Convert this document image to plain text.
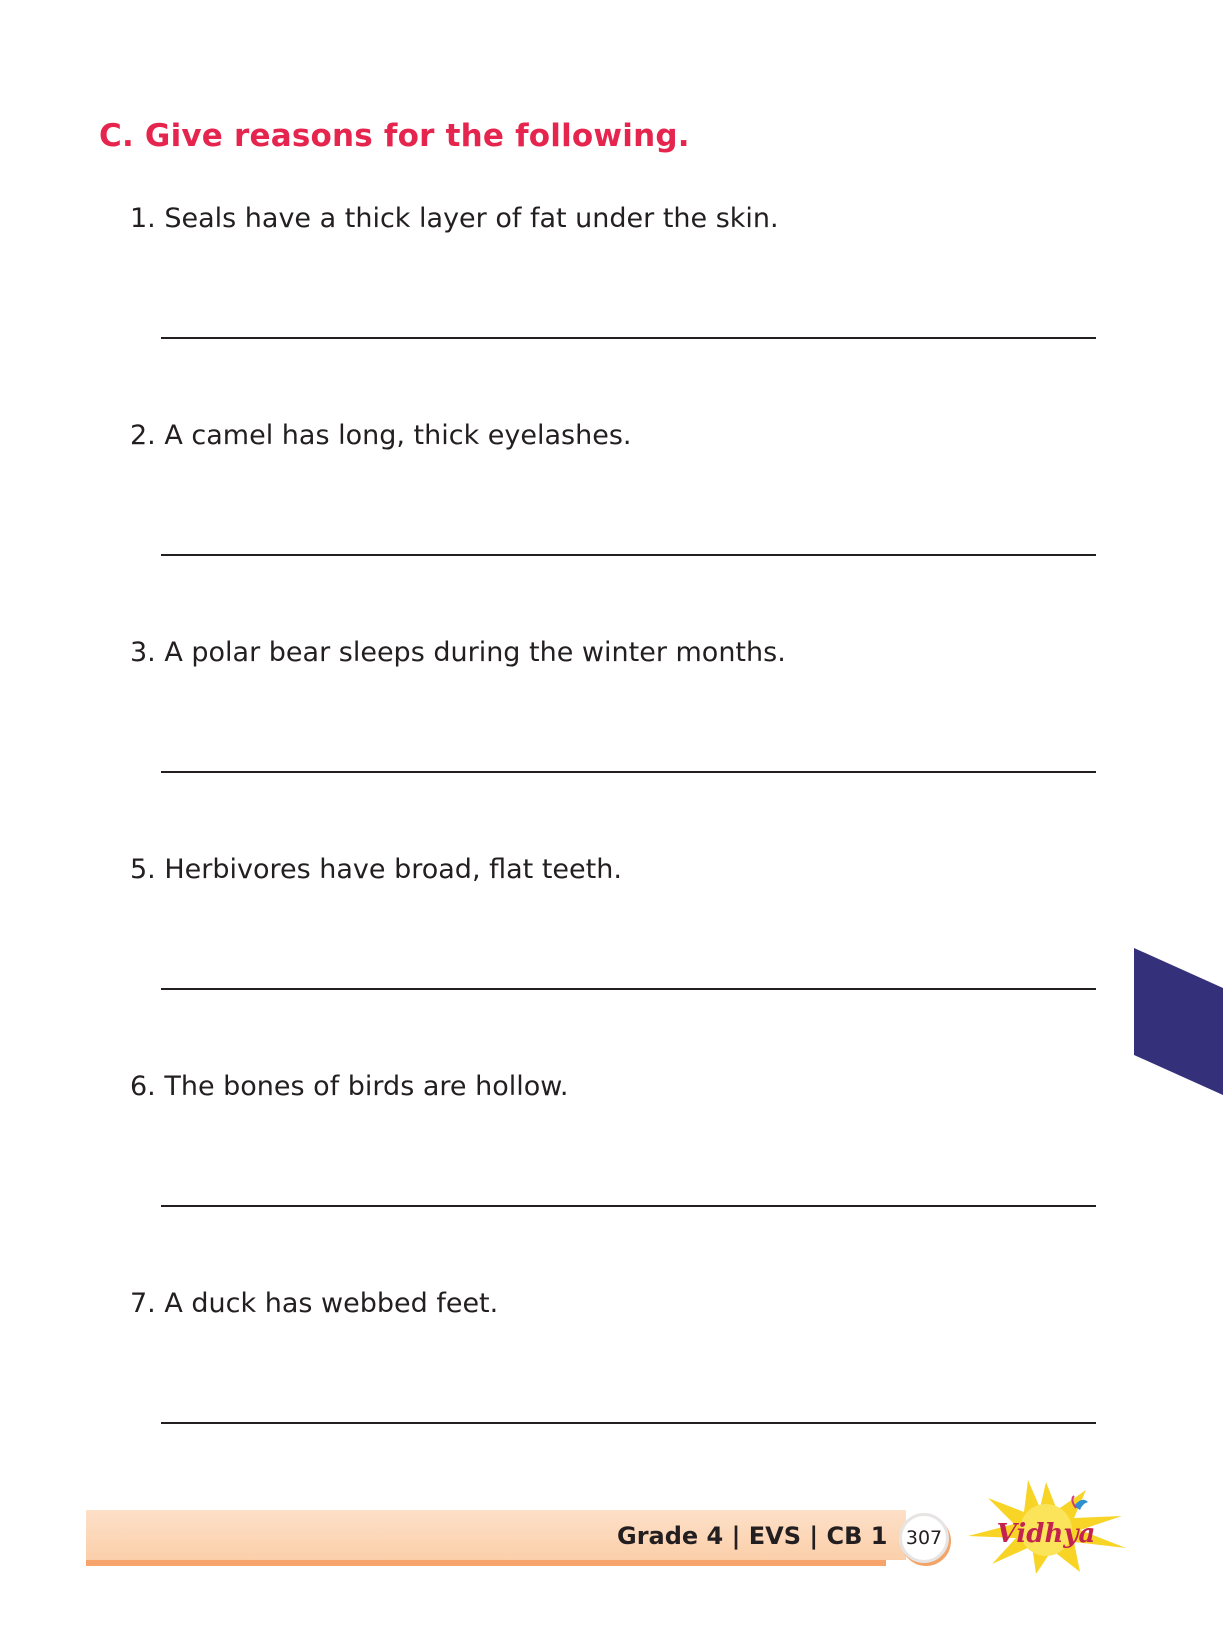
C. Give reasons for the following.
1. Seals have a thick layer of fat under the skin.
2. A camel has long, thick eyelashes.
3. A polar bear sleeps during the winter months.
5. Herbivores have broad, flat teeth.
6. The bones of birds are hollow.
7. A duck has webbed feet.
Grade 4 | EVS | CB 1 307 Vidhya
